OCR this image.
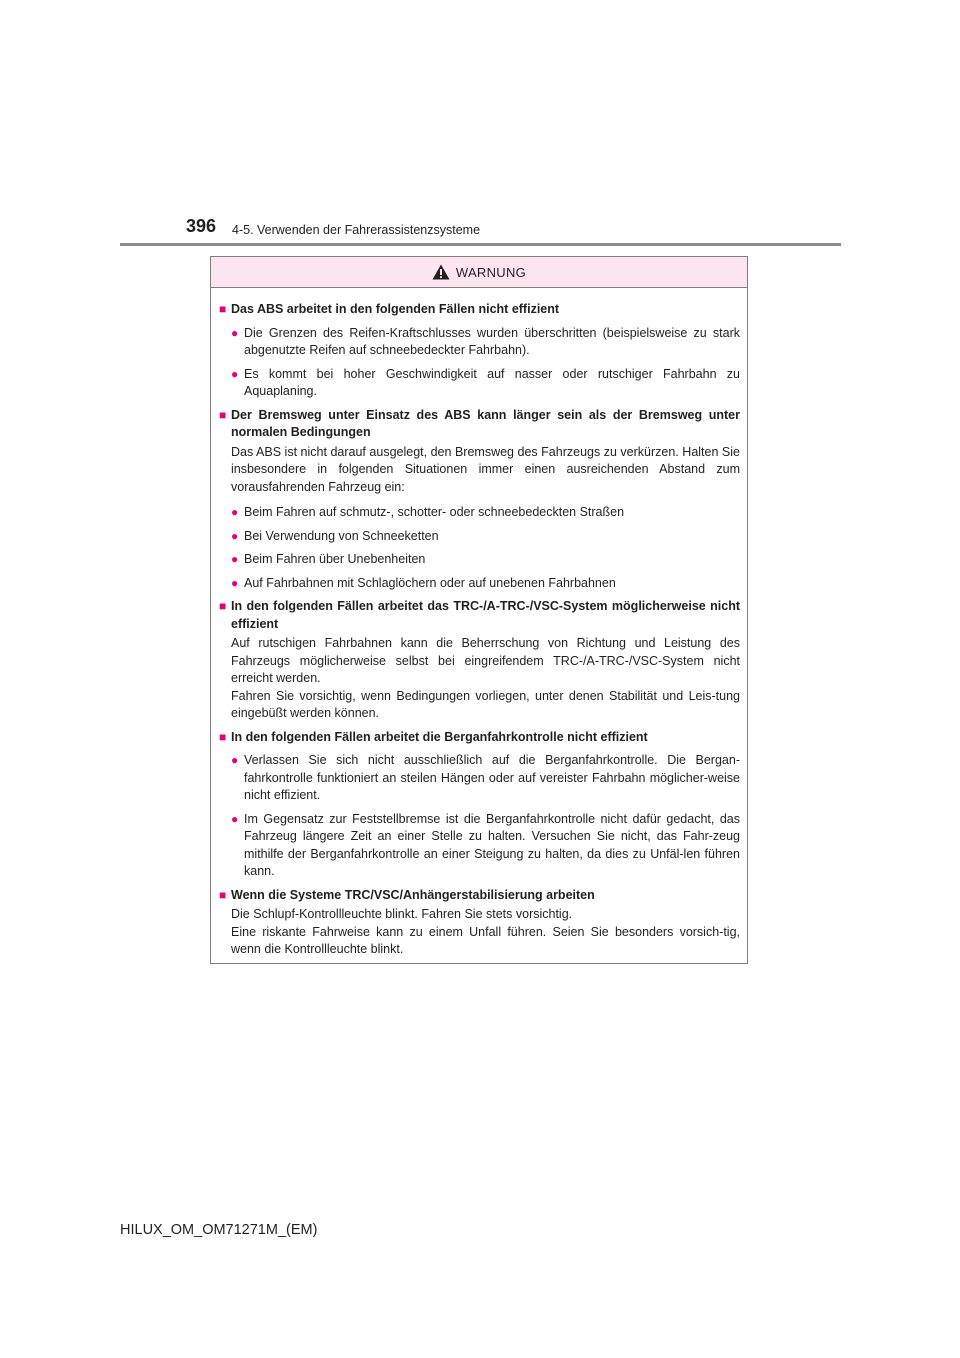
396 4-5. Verwenden der Fahrerassistenzsysteme
WARNUNG
■ Das ABS arbeitet in den folgenden Fällen nicht effizient
● Die Grenzen des Reifen-Kraftschlusses wurden überschritten (beispielsweise zu stark abgenutzte Reifen auf schneebedeckter Fahrbahn).
● Es kommt bei hoher Geschwindigkeit auf nasser oder rutschiger Fahrbahn zu Aquaplaning.
■ Der Bremsweg unter Einsatz des ABS kann länger sein als der Bremsweg unter normalen Bedingungen
Das ABS ist nicht darauf ausgelegt, den Bremsweg des Fahrzeugs zu verkürzen. Halten Sie insbesondere in folgenden Situationen immer einen ausreichenden Abstand zum vorausfahrenden Fahrzeug ein:
● Beim Fahren auf schmutz-, schotter- oder schneebedeckten Straßen
● Bei Verwendung von Schneeketten
● Beim Fahren über Unebenheiten
● Auf Fahrbahnen mit Schlaglöchern oder auf unebenen Fahrbahnen
■ In den folgenden Fällen arbeitet das TRC-/A-TRC-/VSC-System möglicherweise nicht effizient
Auf rutschigen Fahrbahnen kann die Beherrschung von Richtung und Leistung des Fahrzeugs möglicherweise selbst bei eingreifendem TRC-/A-TRC-/VSC-System nicht erreicht werden.
Fahren Sie vorsichtig, wenn Bedingungen vorliegen, unter denen Stabilität und Leis-tung eingebüßt werden können.
■ In den folgenden Fällen arbeitet die Berganfahrkontrolle nicht effizient
● Verlassen Sie sich nicht ausschließlich auf die Berganfahrkontrolle. Die Bergan-fahrkontrolle funktioniert an steilen Hängen oder auf vereister Fahrbahn möglicher-weise nicht effizient.
● Im Gegensatz zur Feststellbremse ist die Berganfahrkontrolle nicht dafür gedacht, das Fahrzeug längere Zeit an einer Stelle zu halten. Versuchen Sie nicht, das Fahr-zeug mithilfe der Berganfahrkontrolle an einer Steigung zu halten, da dies zu Unfäl-len führen kann.
■ Wenn die Systeme TRC/VSC/Anhängerstabilisierung arbeiten
Die Schlupf-Kontrollleuchte blinkt. Fahren Sie stets vorsichtig.
Eine riskante Fahrweise kann zu einem Unfall führen. Seien Sie besonders vorsich-tig, wenn die Kontrollleuchte blinkt.
HILUX_OM_OM71271M_(EM)
